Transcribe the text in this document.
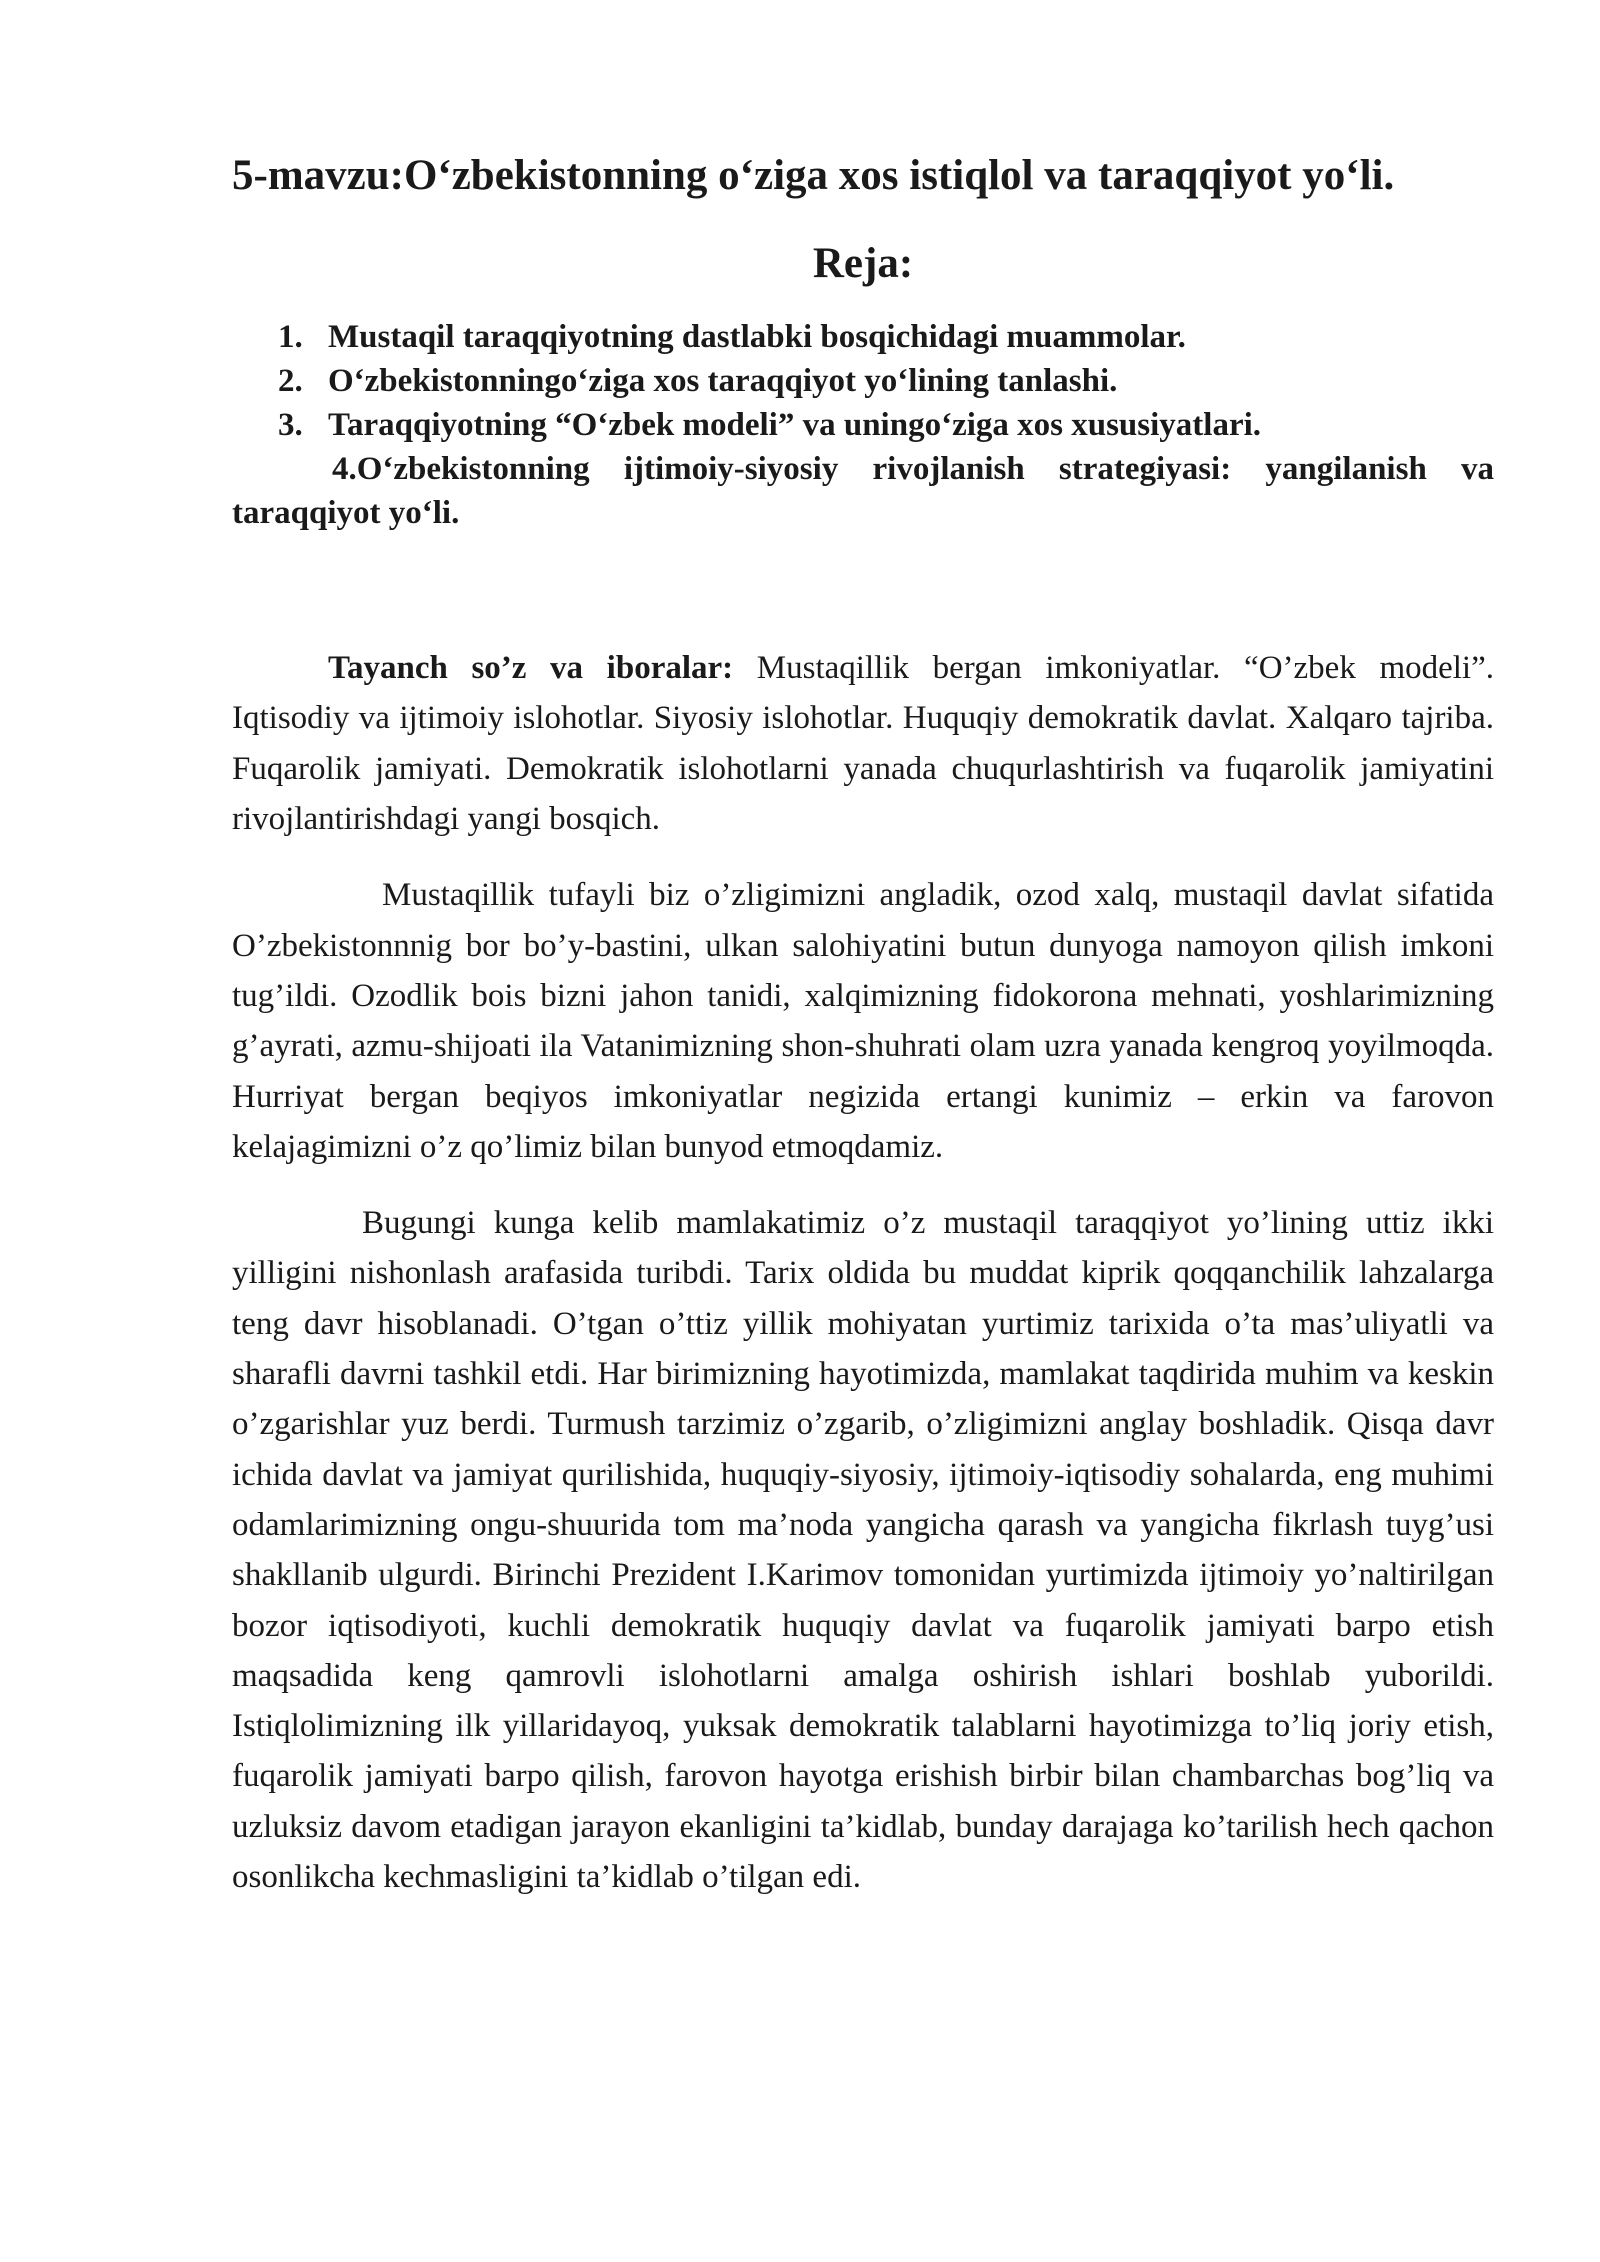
5-mavzu:O‘zbekistonning o‘ziga xos istiqlol va taraqqiyot yo‘li.
Reja:
1. Mustaqil taraqqiyotning dastlabki bosqichidagi muammolar.
2. O‘zbekistonningo‘ziga xos taraqqiyot yo‘lining tanlashi.
3. Taraqqiyotning “O‘zbek modeli” va uningo‘ziga xos xususiyatlari.

4.O‘zbekistonning ijtimoiy-siyosiy rivojlanish strategiyasi: yangilanish va taraqqiyot yo‘li.

Tayanch so’z va iboralar: Mustaqillik bergan imkoniyatlar. “O’zbek modeli”. Iqtisodiy va ijtimoiy islohotlar. Siyosiy islohotlar. Huquqiy demokratik davlat. Xalqaro tajriba. Fuqarolik jamiyati. Demokratik islohotlarni yanada chuqurlashtirish va fuqarolik jamiyatini rivojlantirishdagi yangi bosqich.

Mustaqillik tufayli biz o’zligimizni angladik, ozod xalq, mustaqil davlat sifatida O’zbekistonnnig bor bo’y-bastini, ulkan salohiyatini butun dunyoga namoyon qilish imkoni tug’ildi. Ozodlik bois bizni jahon tanidi, xalqimizning fidokorona mehnati, yoshlarimizning g’ayrati, azmu-shijoati ila Vatanimizning shon-shuhrati olam uzra yanada kengroq yoyilmoqda. Hurriyat bergan beqiyos imkoniyatlar negizida ertangi kunimiz – erkin va farovon kelajagimizni o’z qo’limiz bilan bunyod etmoqdamiz.

Bugungi kunga kelib mamlakatimiz o’z mustaqil taraqqiyot yo’lining uttiz ikki yilligini nishonlash arafasida turibdi. Tarix oldida bu muddat kiprik qoqqanchilik lahzalarga teng davr hisoblanadi. O’tgan o’ttiz yillik mohiyatan yurtimiz tarixida o’ta mas’uliyatli va sharafli davrni tashkil etdi. Har birimizning hayotimizda, mamlakat taqdirida muhim va keskin o’zgarishlar yuz berdi. Turmush tarzimiz o’zgarib, o’zligimizni anglay boshladik. Qisqa davr ichida davlat va jamiyat qurilishida, huquqiy-siyosiy, ijtimoiy-iqtisodiy sohalarda, eng muhimi odamlarimizning ongu-shuurida tom ma’noda yangicha qarash va yangicha fikrlash tuyg’usi shakllanib ulgurdi. Birinchi Prezident I.Karimov tomonidan yurtimizda ijtimoiy yo’naltirilgan bozor iqtisodiyoti, kuchli demokratik huquqiy davlat va fuqarolik jamiyati barpo etish maqsadida keng qamrovli islohotlarni amalga oshirish ishlari boshlab yuborildi. Istiqlolimizning ilk yillaridayoq, yuksak demokratik talablarni hayotimizga to’liq joriy etish, fuqarolik jamiyati barpo qilish, farovon hayotga erishish birbir bilan chambarchas bog’liq va uzluksiz davom etadigan jarayon ekanligini ta’kidlab, bunday darajaga ko’tarilish hech qachon osonlikcha kechmasligini ta’kidlab o’tilgan edi.
